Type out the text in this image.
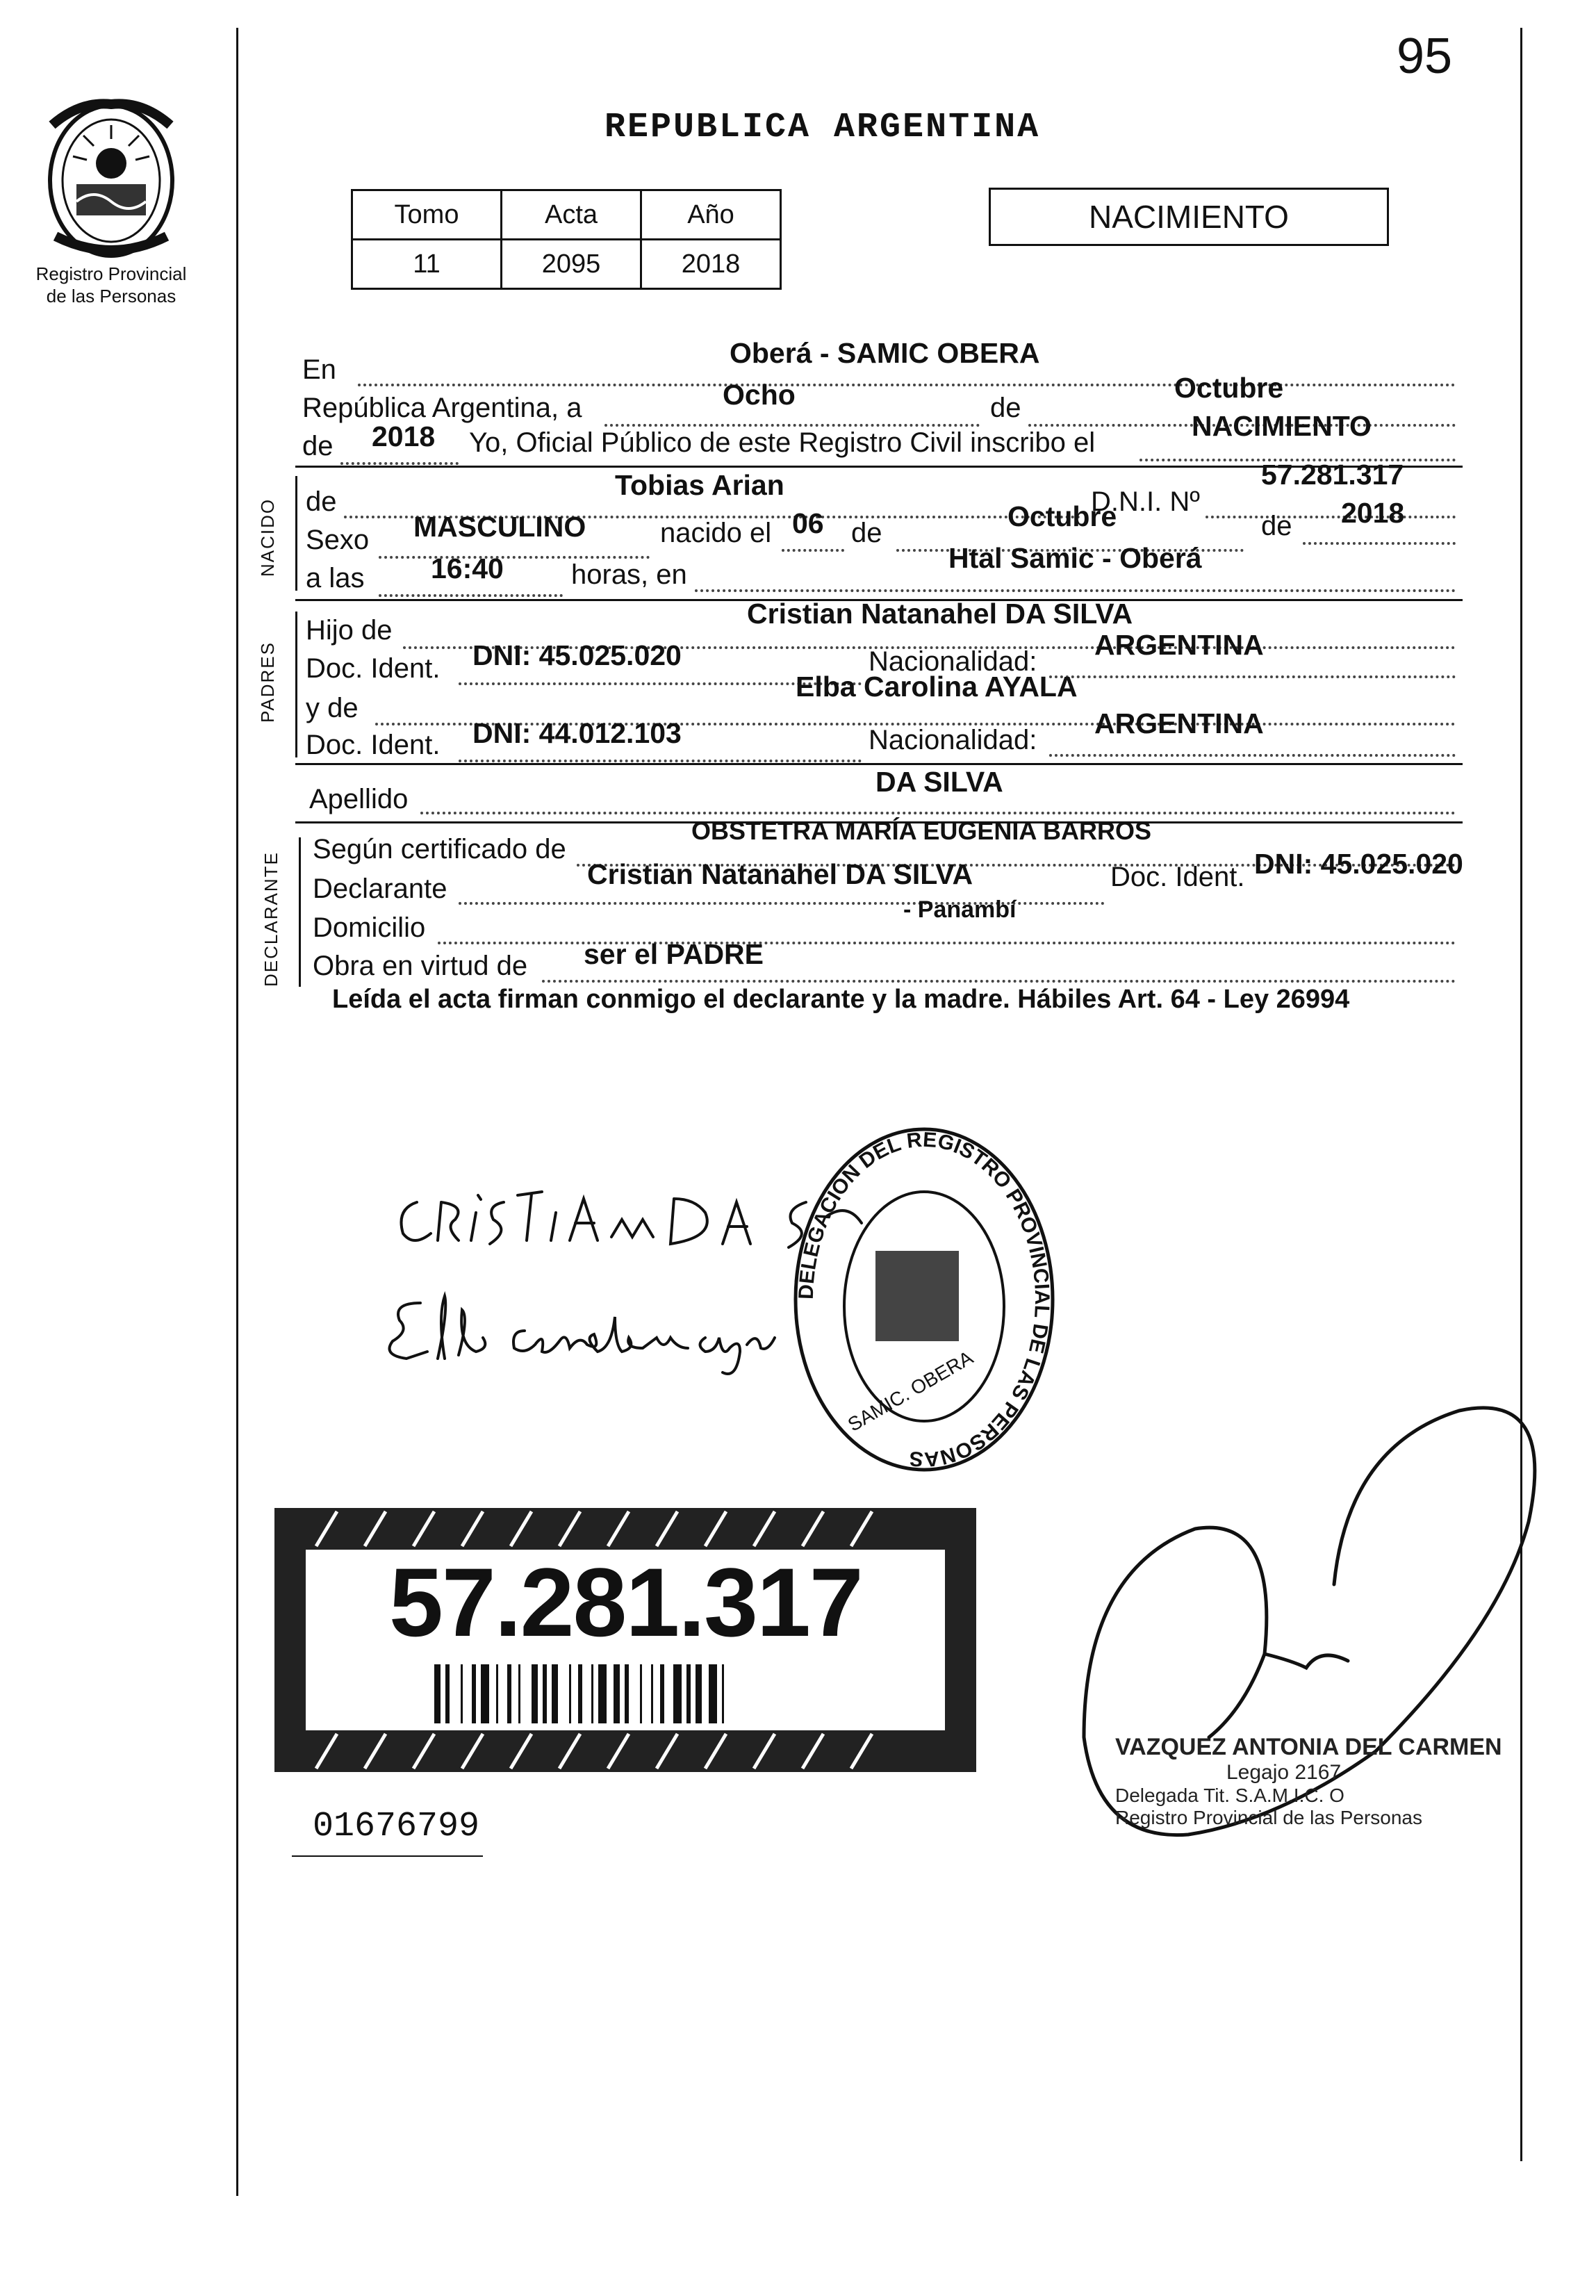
95
REPUBLICA ARGENTINA
Registro Provincial
de las Personas
Tomo	Acta	Año
11	2095	2018
NACIMIENTO
En
Oberá - SAMIC OBERA
República Argentina, a	Ocho	de
Octubre
de 2018 Yo, Oficial Público de este Registro Civil inscribo el
NACIMIENTO
NACIDO de
Tobias Arian
D.N.I. Nº
57.281.317
Sexo MASCULINO	nacido el 06 de
Octubre	de 2018
a las 16:40 horas, en
Htal Samic - Oberá
PADRES
Hijo de
Cristian Natanahel DA SILVA
Doc. Ident. DNI: 45.025.020	Nacionalidad:
ARGENTINA
y de
Elba Carolina AYALA
Doc. Ident. DNI: 44.012.103	Nacionalidad:
ARGENTINA
Apellido
DA SILVA
DECLARANTE
Según certificado de
OBSTETRA MARÍA EUGENIA BARROS
Declarante	Cristian Natanahel DA SILVA	Doc. Ident. DNI: 45.025.020
Domicilio
- Panambí
Obra en virtud de ser el PADRE
Leída el acta firman conmigo el declarante y la madre. Hábiles Art. 64 - Ley 26994
DELEGACION DEL REGISTRO PROVINCIAL DE LAS PERSONAS
SAMIC. OBERA
57.281.317
01676799
VAZQUEZ ANTONIA DEL CARMEN
Legajo 2167
Delegada Tit. S.A.M.I.C. O
Registro Provincial de las Personas
